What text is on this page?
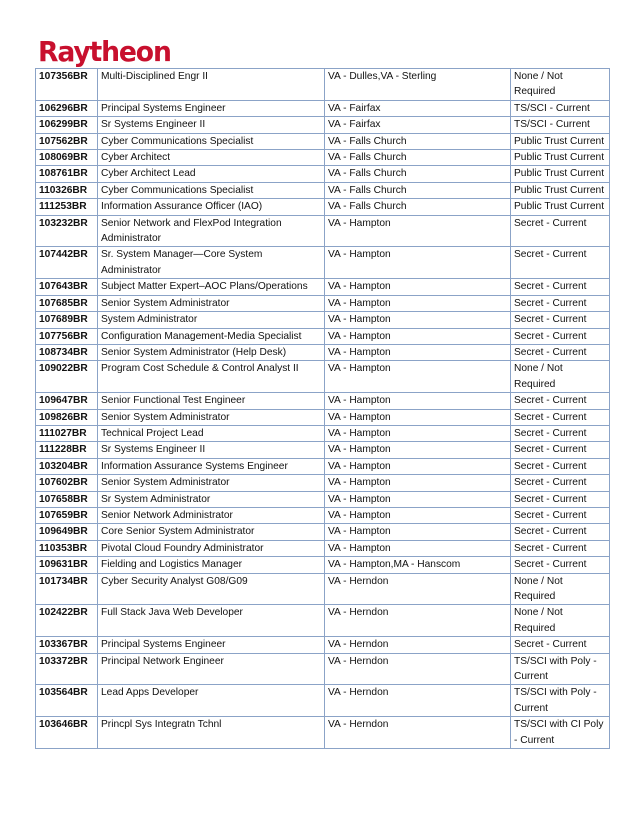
Raytheon
107356BR	Multi-Disciplined Engr II	VA - Dulles,VA - Sterling	None / Not Required
106296BR	Principal Systems Engineer	VA - Fairfax	TS/SCI - Current
106299BR	Sr Systems Engineer II	VA - Fairfax	TS/SCI - Current
107562BR	Cyber Communications Specialist	VA - Falls Church	Public Trust Current
108069BR	Cyber Architect	VA - Falls Church	Public Trust Current
108761BR	Cyber Architect Lead	VA - Falls Church	Public Trust Current
110326BR	Cyber Communications Specialist	VA - Falls Church	Public Trust Current
111253BR	Information Assurance Officer (IAO)	VA - Falls Church	Public Trust Current
103232BR	Senior Network and FlexPod Integration Administrator	VA - Hampton	Secret - Current
107442BR	Sr. System Manager—Core System Administrator	VA - Hampton	Secret - Current
107643BR	Subject Matter Expert–AOC Plans/Operations	VA - Hampton	Secret - Current
107685BR	Senior System Administrator	VA - Hampton	Secret - Current
107689BR	System Administrator	VA - Hampton	Secret - Current
107756BR	Configuration Management-Media Specialist	VA - Hampton	Secret - Current
108734BR	Senior System Administrator (Help Desk)	VA - Hampton	Secret - Current
109022BR	Program Cost Schedule & Control Analyst II	VA - Hampton	None / Not Required
109647BR	Senior Functional Test Engineer	VA - Hampton	Secret - Current
109826BR	Senior System Administrator	VA - Hampton	Secret - Current
111027BR	Technical Project Lead	VA - Hampton	Secret - Current
111228BR	Sr Systems Engineer II	VA - Hampton	Secret - Current
103204BR	Information Assurance Systems Engineer	VA - Hampton	Secret - Current
107602BR	Senior System Administrator	VA - Hampton	Secret - Current
107658BR	Sr System Administrator	VA - Hampton	Secret - Current
107659BR	Senior Network Administrator	VA - Hampton	Secret - Current
109649BR	Core Senior System Administrator	VA - Hampton	Secret - Current
110353BR	Pivotal Cloud Foundry Administrator	VA - Hampton	Secret - Current
109631BR	Fielding and Logistics Manager	VA - Hampton,MA - Hanscom	Secret - Current
101734BR	Cyber Security Analyst G08/G09	VA - Herndon	None / Not Required
102422BR	Full Stack Java Web Developer	VA - Herndon	None / Not Required
103367BR	Principal Systems Engineer	VA - Herndon	Secret - Current
103372BR	Principal Network Engineer	VA - Herndon	TS/SCI with Poly - Current
103564BR	Lead Apps Developer	VA - Herndon	TS/SCI with Poly - Current
103646BR	Princpl Sys Integratn Tchnl	VA - Herndon	TS/SCI with CI Poly - Current
